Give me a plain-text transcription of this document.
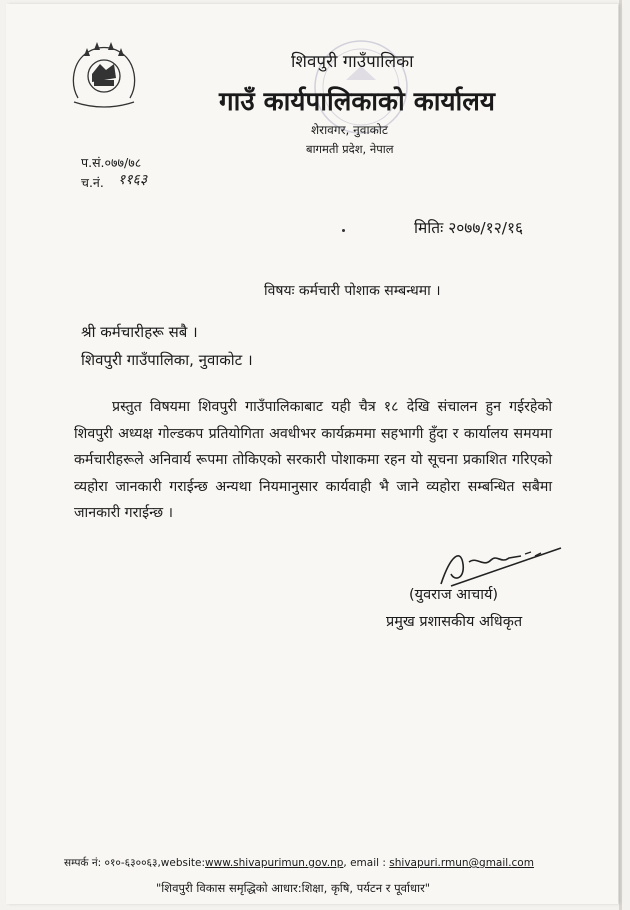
शिवपुरी गाउँपालिका
गाउँ कार्यपालिकाको कार्यालय
शेरावगर, नुवाकोट
बागमती प्रदेश, नेपाल
प.सं.०७७/७८
च.नं. ११६३
मितिः २०७७/१२/१६
विषयः कर्मचारी पोशाक सम्बन्धमा ।
श्री कर्मचारीहरू सबै ।
शिवपुरी गाउँपालिका, नुवाकोट ।
प्रस्तुत विषयमा शिवपुरी गाउँपालिकाबाट यही चैत्र १८ देखि संचालन हुन गईरहेको शिवपुरी अध्यक्ष गोल्डकप प्रतियोगिता अवधीभर कार्यक्रममा सहभागी हुँदा र कार्यालय समयमा कर्मचारीहरूले अनिवार्य रूपमा तोकिएको सरकारी पोशाकमा रहन यो सूचना प्रकाशित गरिएको व्यहोरा जानकारी गराईन्छ अन्यथा नियमानुसार कार्यवाही भै जाने व्यहोरा सम्बन्धित सबैमा जानकारी गराईन्छ ।
(युवराज आचार्य)
प्रमुख प्रशासकीय अधिकृत
सम्पर्क नं: ०१०-६३००६३,website:www.shivapurimun.gov.np, email : shivapuri.rmun@gmail.com
"शिवपुरी विकास समृद्धिको आधार:शिक्षा, कृषि, पर्यटन र पूर्वाधार"
